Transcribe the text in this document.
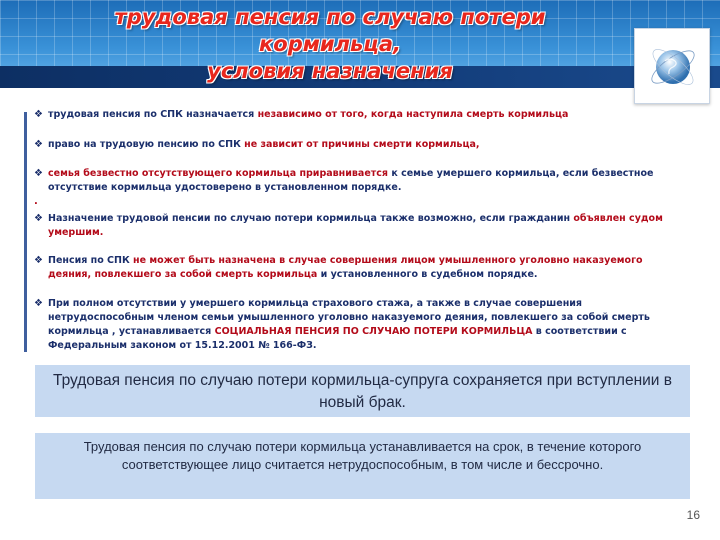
трудовая пенсия по случаю потери кормильца,
условия назначения
❖ трудовая пенсия по СПК назначается независимо от того, когда наступила смерть кормильца
❖ право на трудовую пенсию по СПК не зависит от причины смерти кормильца,
❖ семья безвестно отсутствующего кормильца приравнивается к семье умершего кормильца, если безвестное
отсутствие кормильца удостоверено в установленном порядке.
.
❖ Назначение трудовой пенсии по случаю потери кормильца также возможно, если гражданин объявлен судом
умершим.
❖ Пенсия по СПК не может быть назначена в случае совершения лицом умышленного уголовно наказуемого
деяния, повлекшего за собой смерть кормильца и установленного в судебном порядке.
❖ При полном отсутствии у умершего кормильца страхового стажа, а также в случае совершения
нетрудоспособным членом семьи умышленного уголовно наказуемого деяния, повлекшего за собой смерть
кормильца , устанавливается СОЦИАЛЬНАЯ ПЕНСИЯ ПО СЛУЧАЮ ПОТЕРИ КОРМИЛЬЦА в соответствии с
Федеральным законом от 15.12.2001 № 166-ФЗ.
Трудовая пенсия по случаю потери кормильца-супруга сохраняется при вступлении в новый брак.
Трудовая пенсия по случаю потери кормильца устанавливается на срок, в течение которого соответствующее лицо считается нетрудоспособным, в том числе и бессрочно.
16
